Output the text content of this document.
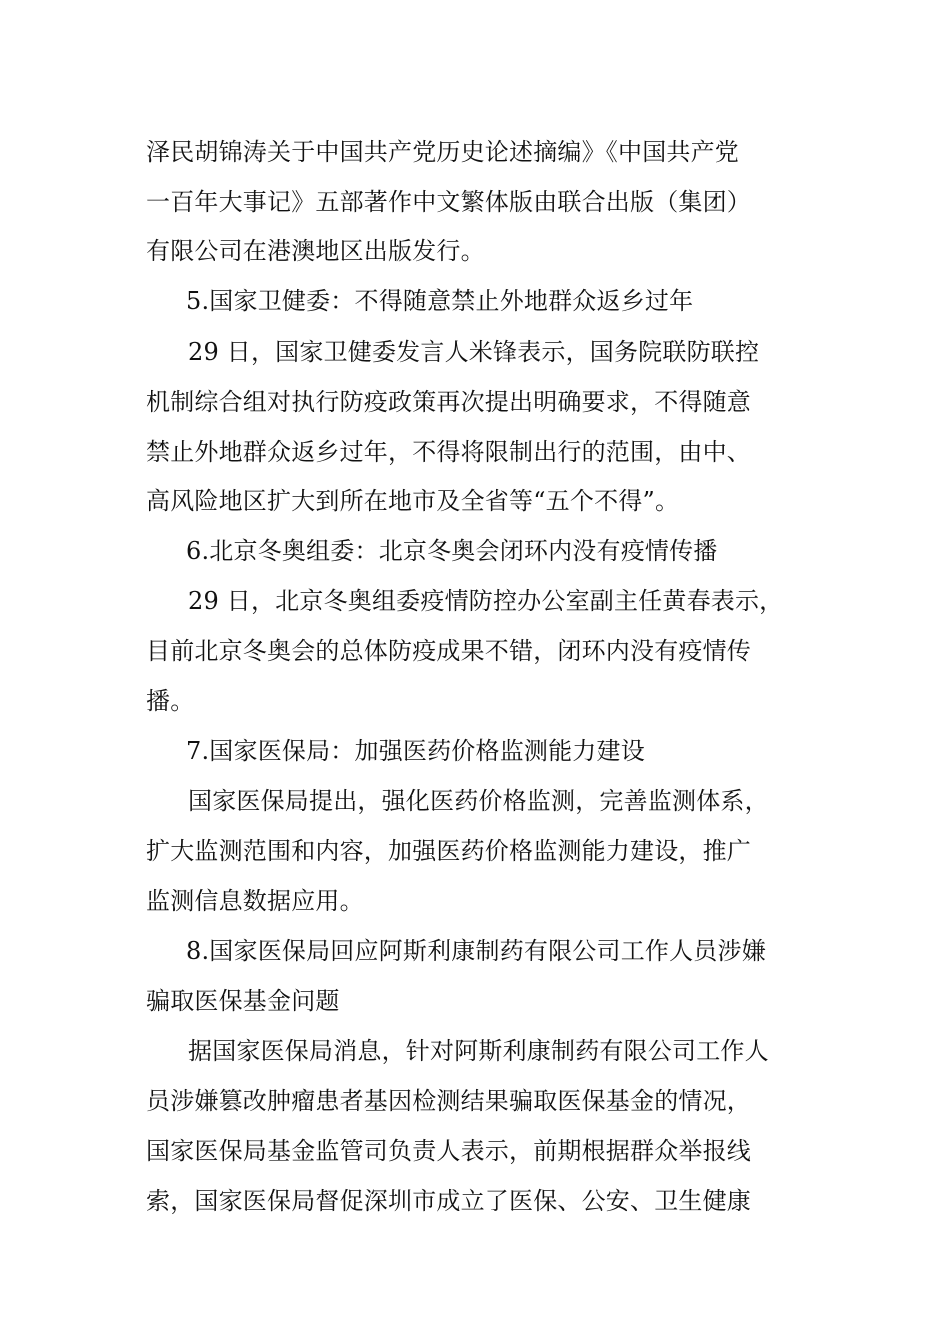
泽民胡锦涛关于中国共产党历史论述摘编》《中国共产党
一百年大事记》五部著作中文繁体版由联合出版（集团）
有限公司在港澳地区出版发行。
5.国家卫健委：不得随意禁止外地群众返乡过年
29 日，国家卫健委发言人米锋表示，国务院联防联控
机制综合组对执行防疫政策再次提出明确要求，不得随意
禁止外地群众返乡过年，不得将限制出行的范围，由中、
高风险地区扩大到所在地市及全省等“五个不得”。
6.北京冬奥组委：北京冬奥会闭环内没有疫情传播
29 日，北京冬奥组委疫情防控办公室副主任黄春表示，
目前北京冬奥会的总体防疫成果不错，闭环内没有疫情传
播。
7.国家医保局：加强医药价格监测能力建设
国家医保局提出，强化医药价格监测，完善监测体系，
扩大监测范围和内容，加强医药价格监测能力建设，推广
监测信息数据应用。
8.国家医保局回应阿斯利康制药有限公司工作人员涉嫌
骗取医保基金问题
据国家医保局消息，针对阿斯利康制药有限公司工作人
员涉嫌篡改肿瘤患者基因检测结果骗取医保基金的情况，
国家医保局基金监管司负责人表示，前期根据群众举报线
索，国家医保局督促深圳市成立了医保、公安、卫生健康
